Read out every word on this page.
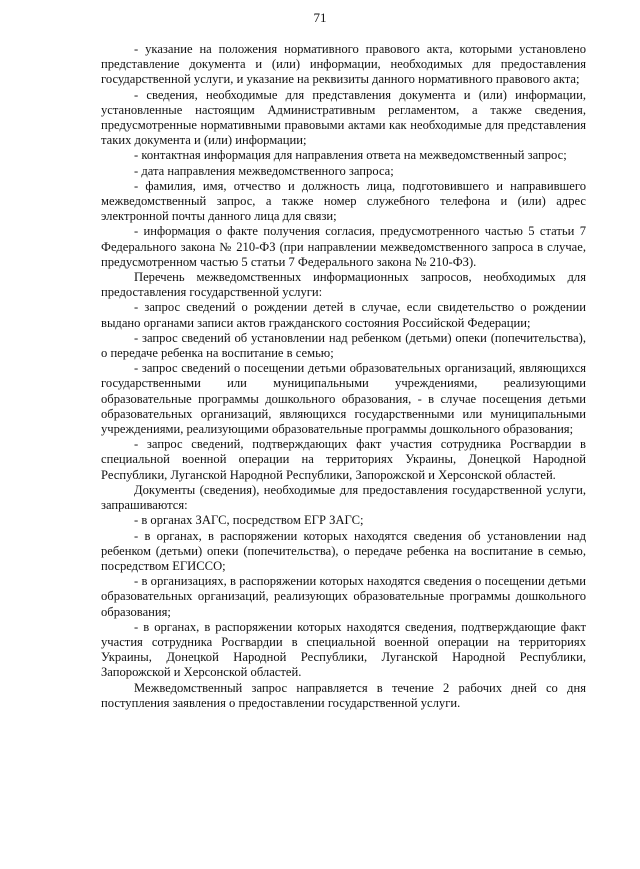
71

- указание на положения нормативного правового акта, которыми установлено представление документа и (или) информации, необходимых для предоставления государственной услуги, и указание на реквизиты данного нормативного правового акта;

- сведения, необходимые для представления документа и (или) информации, установленные настоящим Административным регламентом, а также сведения, предусмотренные нормативными правовыми актами как необходимые для представления таких документа и (или) информации;

- контактная информация для направления ответа на межведомственный запрос;

- дата направления межведомственного запроса;

- фамилия, имя, отчество и должность лица, подготовившего и направившего межведомственный запрос, а также номер служебного телефона и (или) адрес электронной почты данного лица для связи;

- информация о факте получения согласия, предусмотренного частью 5 статьи 7 Федерального закона № 210-ФЗ (при направлении межведомственного запроса в случае, предусмотренном частью 5 статьи 7 Федерального закона № 210-ФЗ).

Перечень межведомственных информационных запросов, необходимых для предоставления государственной услуги:

- запрос сведений о рождении детей в случае, если свидетельство о рождении выдано органами записи актов гражданского состояния Российской Федерации;

- запрос сведений об установлении над ребенком (детьми) опеки (попечительства), о передаче ребенка на воспитание в семью;

- запрос сведений о посещении детьми образовательных организаций, являющихся государственными или муниципальными учреждениями, реализующими образовательные программы дошкольного образования, - в случае посещения детьми образовательных организаций, являющихся государственными или муниципальными учреждениями, реализующими образовательные программы дошкольного образования;

- запрос сведений, подтверждающих факт участия сотрудника Росгвардии в специальной военной операции на территориях Украины, Донецкой Народной Республики, Луганской Народной Республики, Запорожской и Херсонской областей.

Документы (сведения), необходимые для предоставления государственной услуги, запрашиваются:

- в органах ЗАГС, посредством ЕГР ЗАГС;

- в органах, в распоряжении которых находятся сведения об установлении над ребенком (детьми) опеки (попечительства), о передаче ребенка на воспитание в семью, посредством ЕГИССО;

- в организациях, в распоряжении которых находятся сведения о посещении детьми образовательных организаций, реализующих образовательные программы дошкольного образования;

- в органах, в распоряжении которых находятся сведения, подтверждающие факт участия сотрудника Росгвардии в специальной военной операции на территориях Украины, Донецкой Народной Республики, Луганской Народной Республики, Запорожской и Херсонской областей.

Межведомственный запрос направляется в течение 2 рабочих дней со дня поступления заявления о предоставлении государственной услуги.
